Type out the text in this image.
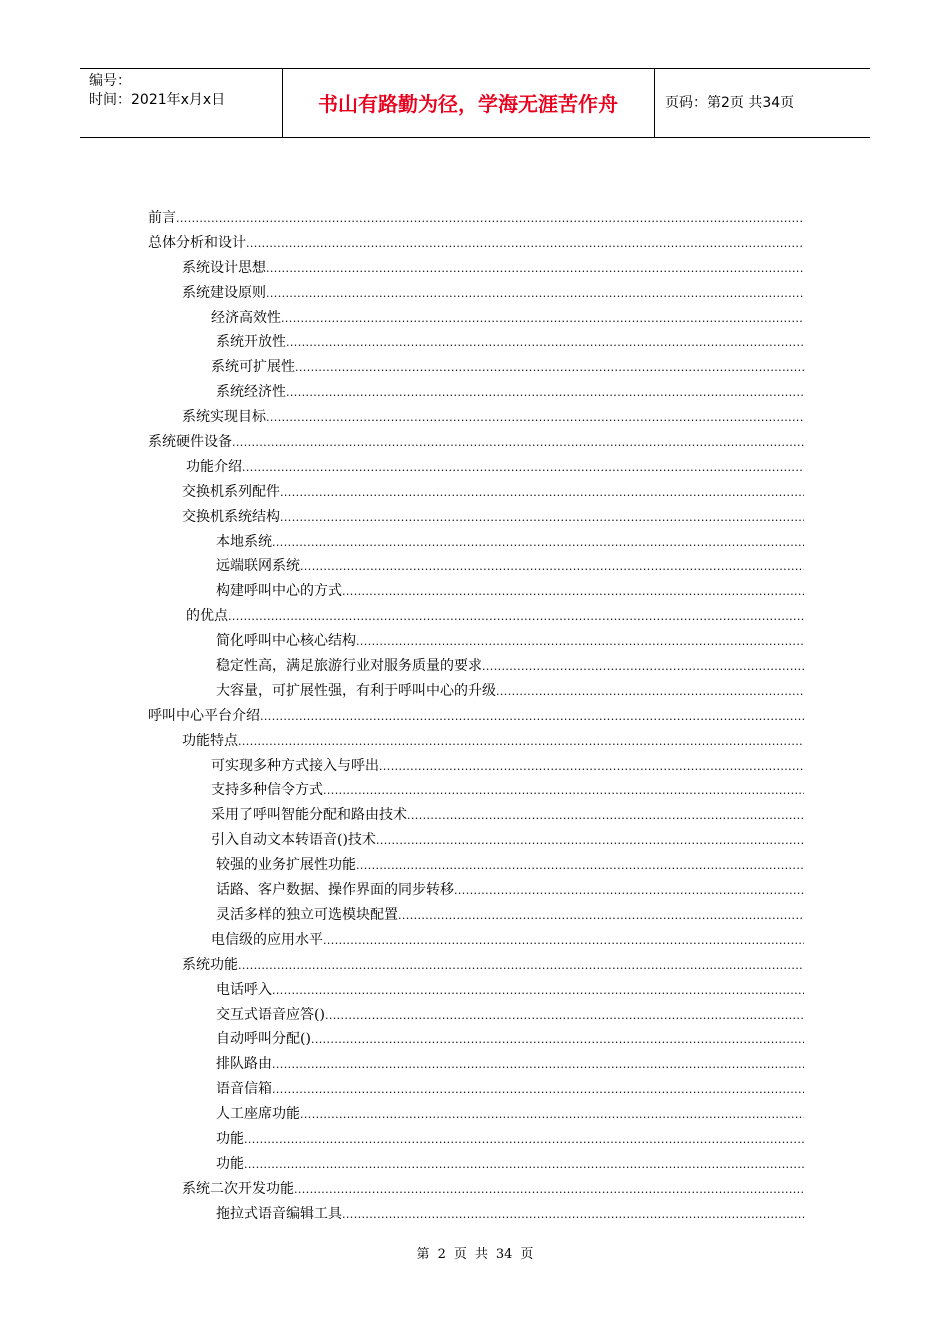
编号：
时间：2021年x月x日	书山有路勤为径，学海无涯苦作舟	页码：第2页 共34页
前言
.....
总体分析和设计
.....
系统设计思想
.....
系统建设原则
.....
经济高效性
.....
系统开放性
.....
系统可扩展性
.....
系统经济性
.....
系统实现目标
.....
系统硬件设备
.....
功能介绍
.....
交换机系列配件
.....
交换机系统结构
.....
本地系统
.....
远端联网系统
.....
构建呼叫中心的方式
.....
的优点
.....
简化呼叫中心核心结构
.....
稳定性高，满足旅游行业对服务质量的要求
.....
大容量，可扩展性强，有利于呼叫中心的升级
.....
呼叫中心平台介绍
.....
功能特点
.....
可实现多种方式接入与呼出
.....
支持多种信令方式
.....
采用了呼叫智能分配和路由技术
.....
引入自动文本转语音()技术
.....
较强的业务扩展性功能
.....
话路、客户数据、操作界面的同步转移
.....
灵活多样的独立可选模块配置
.....
电信级的应用水平
.....
系统功能
.....
电话呼入
.....
交互式语音应答()
.....
自动呼叫分配()
.....
排队路由
.....
语音信箱
.....
人工座席功能
.....
功能
.....
功能
.....
系统二次开发功能
.....
拖拉式语音编辑工具
.....
第 2 页 共 34 页
